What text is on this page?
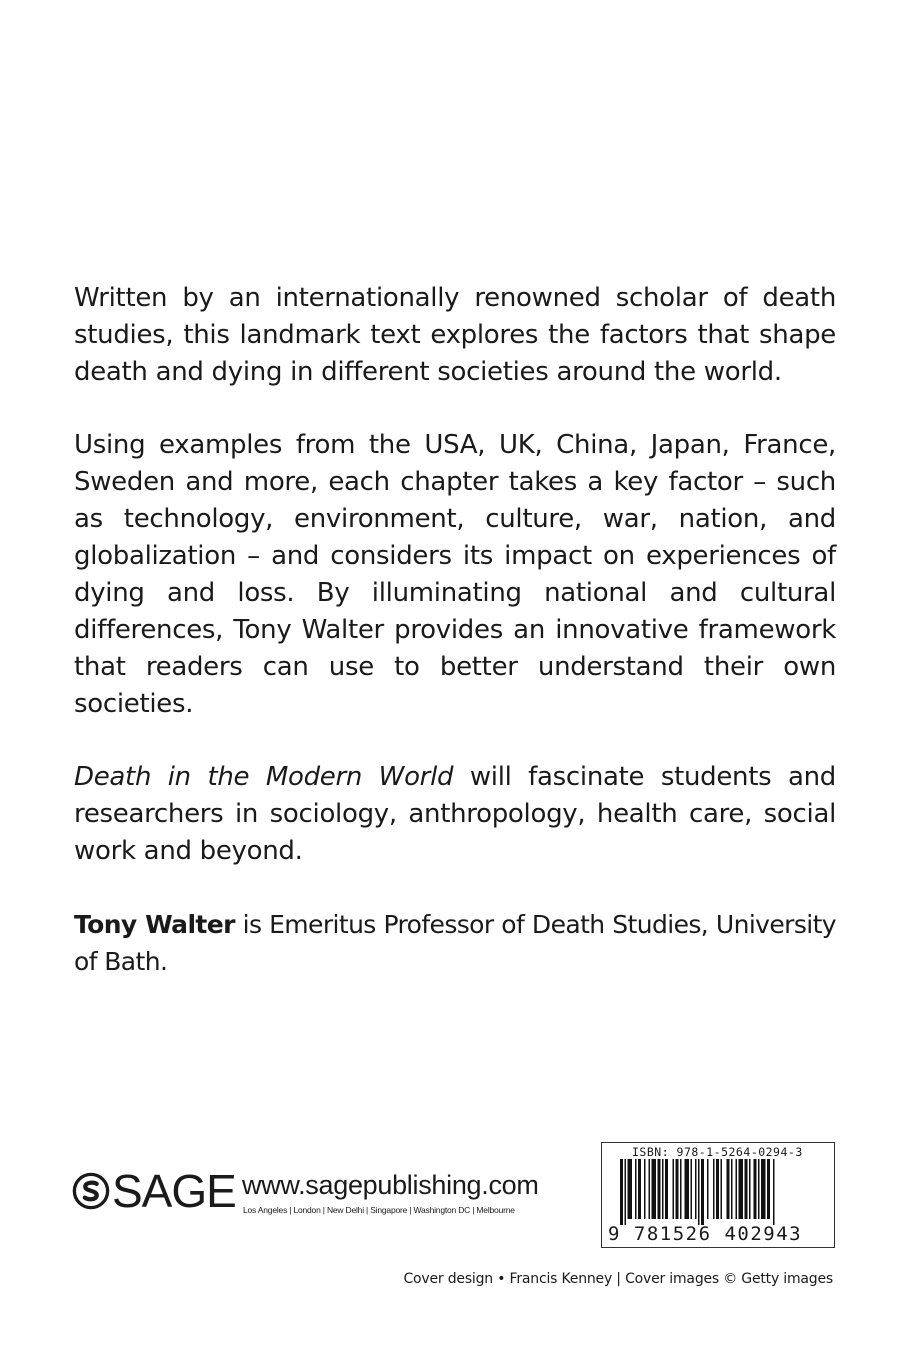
Written by an internationally renowned scholar of death studies, this landmark text explores the factors that shape death and dying in different societies around the world.

Using examples from the USA, UK, China, Japan, France, Sweden and more, each chapter takes a key factor – such as technology, environment, culture, war, nation, and globalization – and considers its impact on experiences of dying and loss. By illuminating national and cultural differences, Tony Walter provides an innovative framework that readers can use to better understand their own societies.

Death in the Modern World will fascinate students and researchers in sociology, anthropology, health care, social work and beyond.

Tony Walter is Emeritus Professor of Death Studies, University of Bath.

SAGE www.sagepublishing.com
Los Angeles | London | New Delhi | Singapore | Washington DC | Melbourne
ISBN: 978-1-5264-0294-3
9 781526 402943
Cover design • Francis Kenney | Cover images © Getty images
